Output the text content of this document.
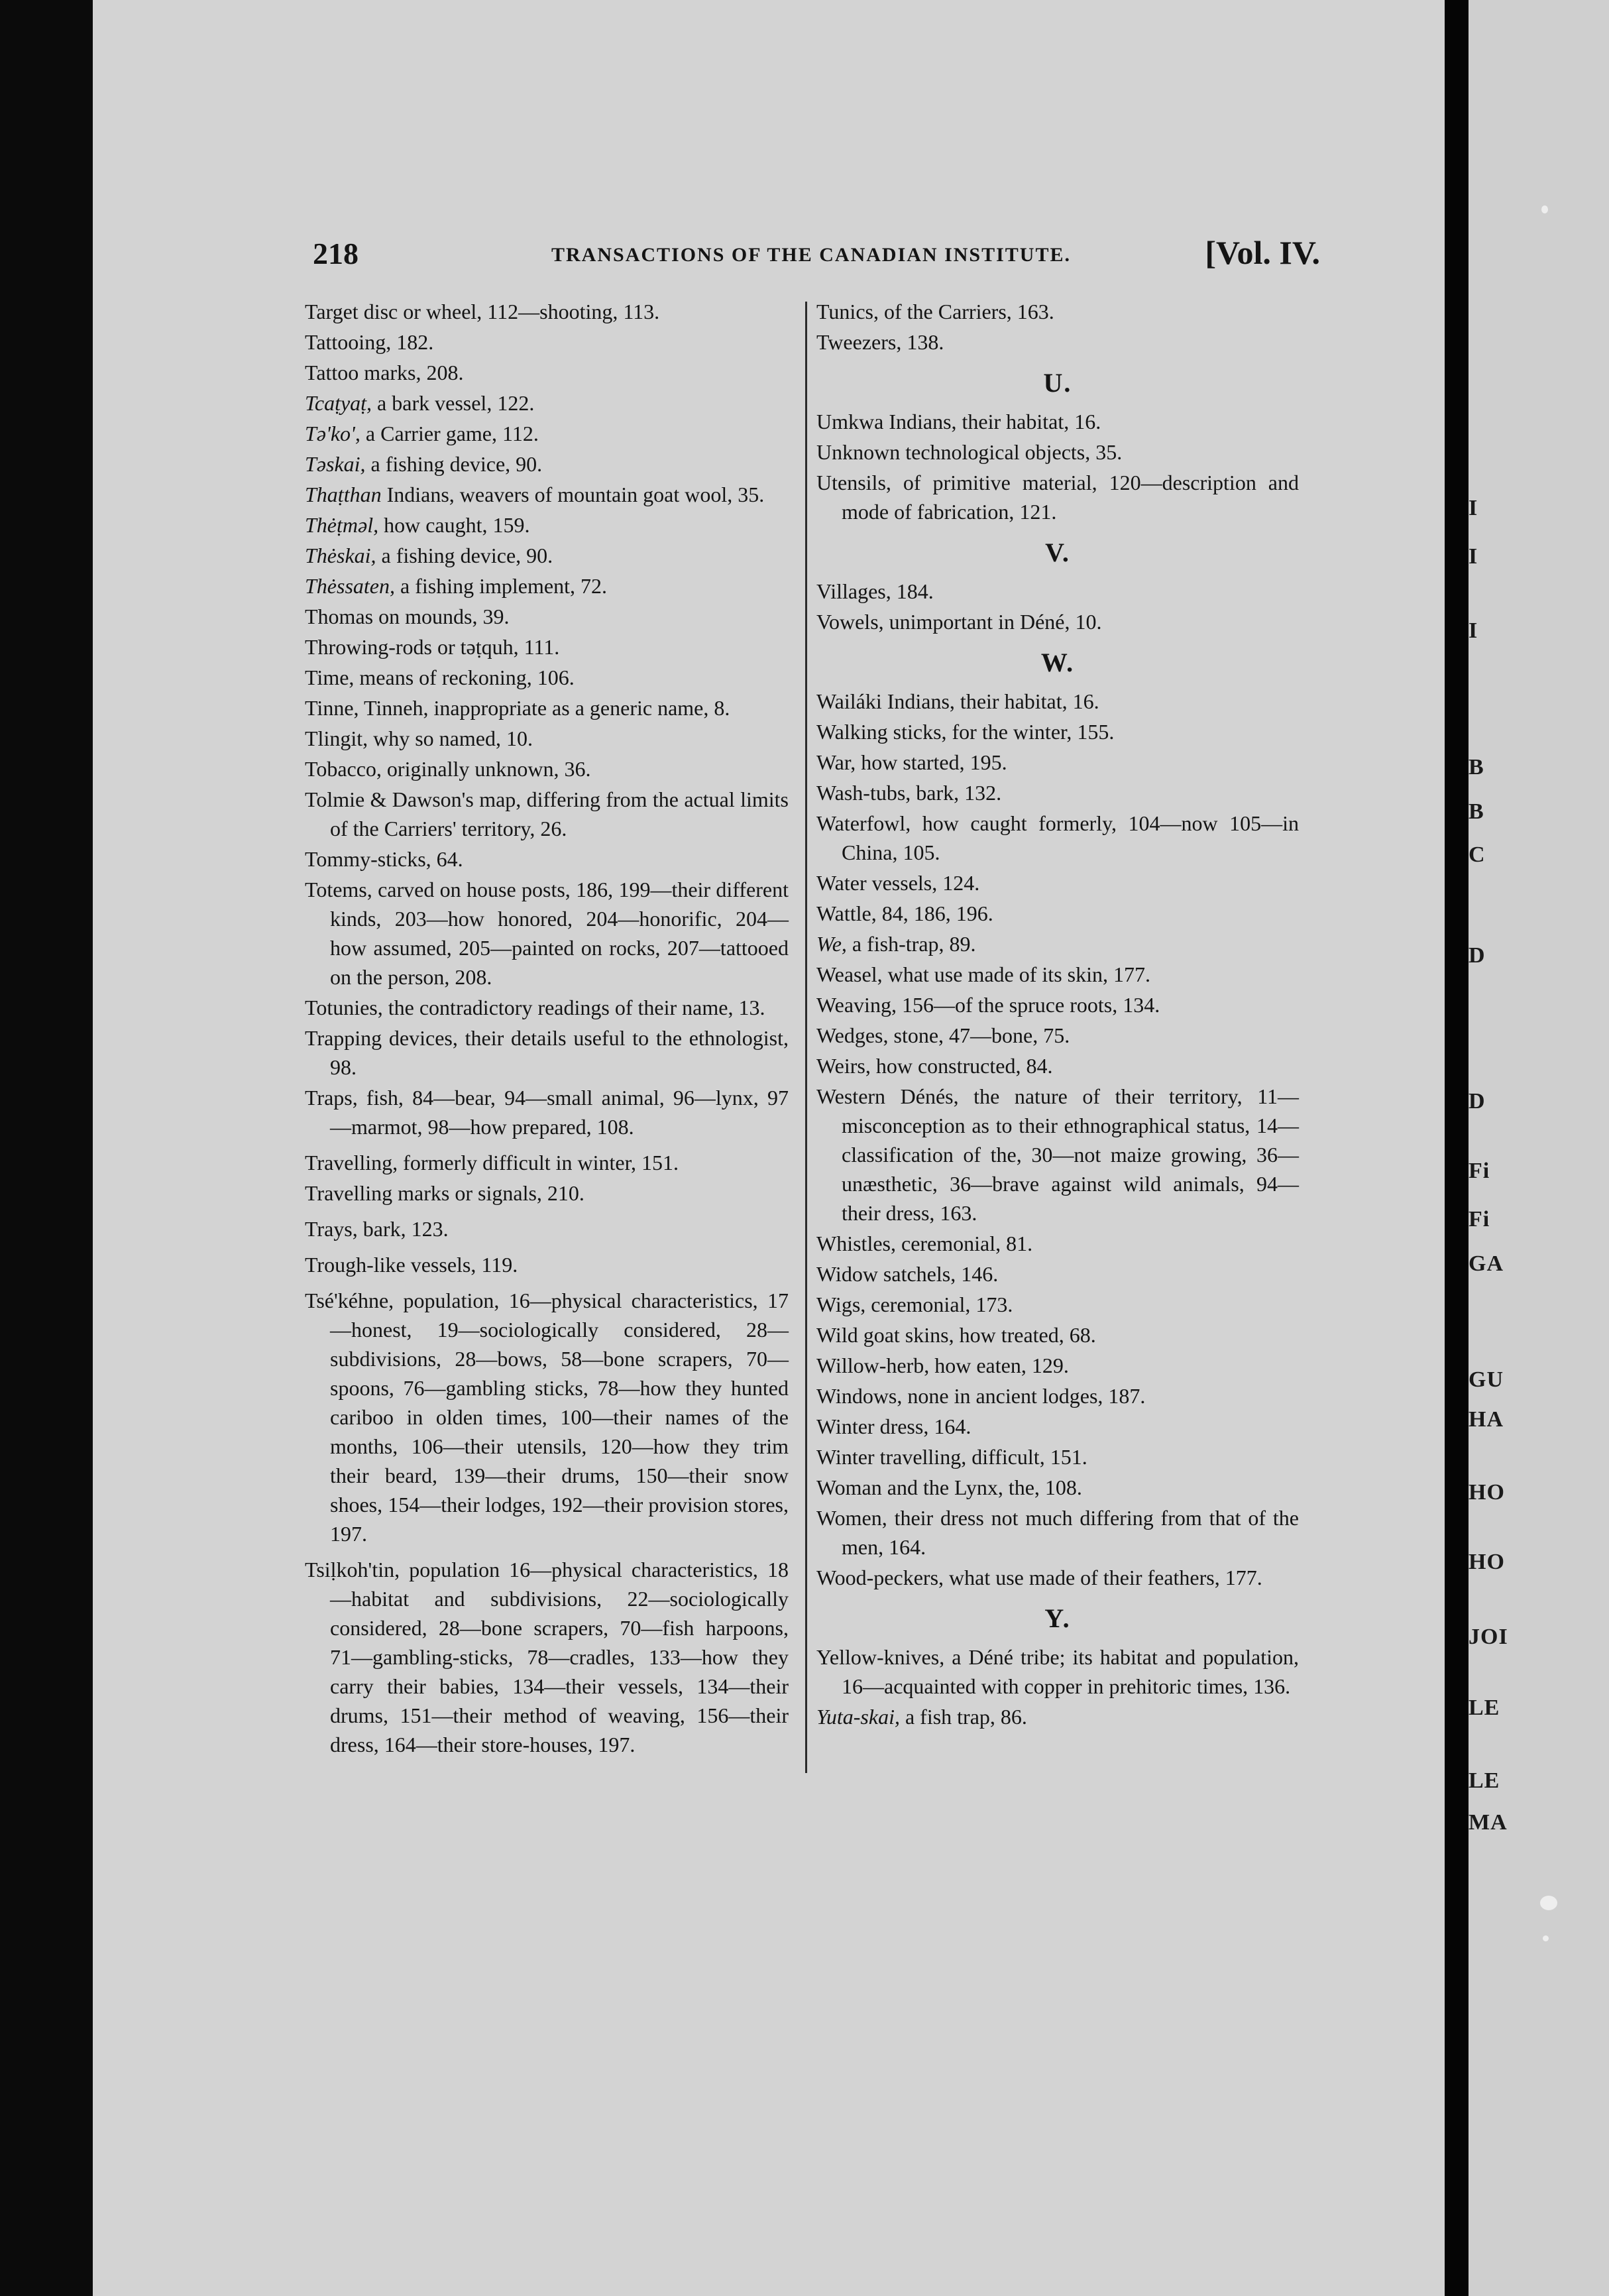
I
I
I
B
B
C
D
D
Fi
Fi
GA
GU
HA
HO
HO
JOI
LE
LE
MA
218	TRANSACTIONS OF THE CANADIAN INSTITUTE.	[Vol. IV.
Target disc or wheel, 112—shooting, 113.
Tattooing, 182.
Tattoo marks, 208.
Tcaṭyaṭ, a bark vessel, 122.
Tə'ko', a Carrier game, 112.
Təskai, a fishing device, 90.
Thaṭthan Indians, weavers of mountain goat wool, 35.
Thėṭməl, how caught, 159.
Thėskai, a fishing device, 90.
Thėssaten, a fishing implement, 72.
Thomas on mounds, 39.
Throwing-rods or təṭquh, 111.
Time, means of reckoning, 106.
Tinne, Tinneh, inappropriate as a generic name, 8.
Tlingit, why so named, 10.
Tobacco, originally unknown, 36.
Tolmie & Dawson's map, differing from the actual limits of the Carriers' territory, 26.
Tommy-sticks, 64.
Totems, carved on house posts, 186, 199—their different kinds, 203—how honored, 204—honorific, 204—how assumed, 205—painted on rocks, 207—tattooed on the person, 208.
Totunies, the contradictory readings of their name, 13.
Trapping devices, their details useful to the ethnologist, 98.
Traps, fish, 84—bear, 94—small animal, 96—lynx, 97—marmot, 98—how prepared, 108.
Travelling, formerly difficult in winter, 151.
Travelling marks or signals, 210.
Trays, bark, 123.
Trough-like vessels, 119.
Tsé'kéhne, population, 16—physical characteristics, 17—honest, 19—sociologically considered, 28—subdivisions, 28—bows, 58—bone scrapers, 70—spoons, 76—gambling sticks, 78—how they hunted cariboo in olden times, 100—their names of the months, 106—their utensils, 120—how they trim their beard, 139—their drums, 150—their snow shoes, 154—their lodges, 192—their provision stores, 197.
Tsiḷkoh'tin, population 16—physical characteristics, 18—habitat and subdivisions, 22—sociologically considered, 28—bone scrapers, 70—fish harpoons, 71—gambling-sticks, 78—cradles, 133—how they carry their babies, 134—their vessels, 134—their drums, 151—their method of weaving, 156—their dress, 164—their store-houses, 197.
Tunics, of the Carriers, 163.
Tweezers, 138.
U.
Umkwa Indians, their habitat, 16.
Unknown technological objects, 35.
Utensils, of primitive material, 120—description and mode of fabrication, 121.
V.
Villages, 184.
Vowels, unimportant in Déné, 10.
W.
Wailáki Indians, their habitat, 16.
Walking sticks, for the winter, 155.
War, how started, 195.
Wash-tubs, bark, 132.
Waterfowl, how caught formerly, 104—now 105—in China, 105.
Water vessels, 124.
Wattle, 84, 186, 196.
We, a fish-trap, 89.
Weasel, what use made of its skin, 177.
Weaving, 156—of the spruce roots, 134.
Wedges, stone, 47—bone, 75.
Weirs, how constructed, 84.
Western Dénés, the nature of their territory, 11—misconception as to their ethnographical status, 14—classification of the, 30—not maize growing, 36—unæsthetic, 36—brave against wild animals, 94—their dress, 163.
Whistles, ceremonial, 81.
Widow satchels, 146.
Wigs, ceremonial, 173.
Wild goat skins, how treated, 68.
Willow-herb, how eaten, 129.
Windows, none in ancient lodges, 187.
Winter dress, 164.
Winter travelling, difficult, 151.
Woman and the Lynx, the, 108.
Women, their dress not much differing from that of the men, 164.
Wood-peckers, what use made of their feathers, 177.
Y.
Yellow-knives, a Déné tribe; its habitat and population, 16—acquainted with copper in prehitoric times, 136.
Yuta-skai, a fish trap, 86.
